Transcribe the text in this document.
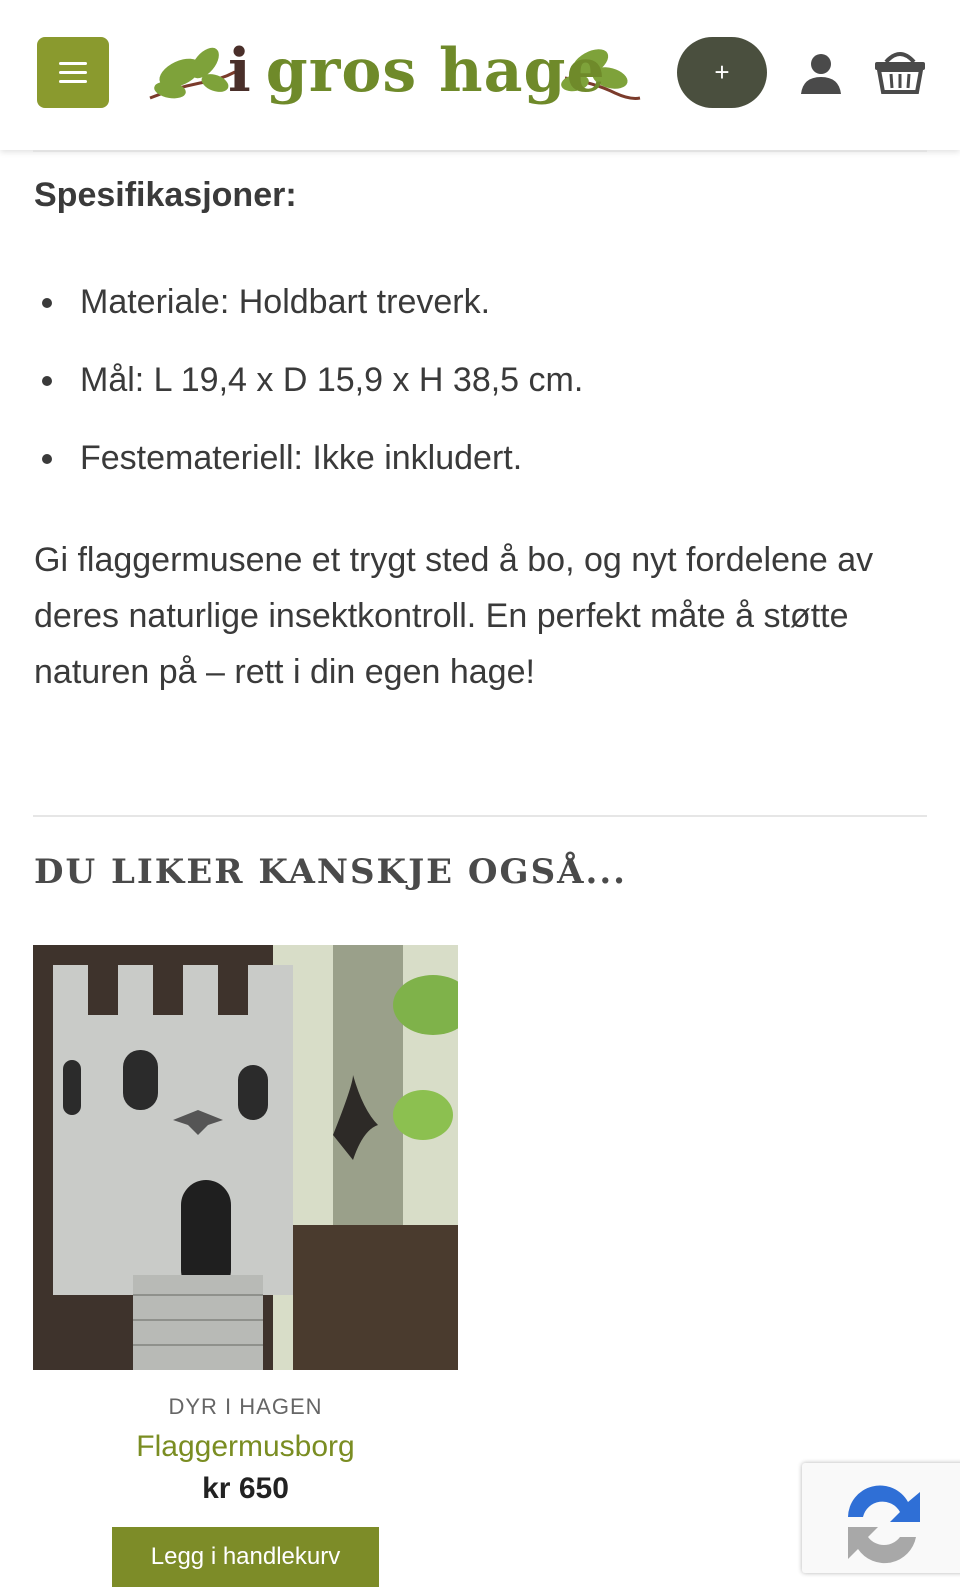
i gros hage	+
Spesifikasjoner:
Materiale: Holdbart treverk.
Mål: L 19,4 x D 15,9 x H 38,5 cm.
Festemateriell: Ikke inkludert.
Gi flaggermusene et trygt sted å bo, og nyt fordelene av deres naturlige insektkontroll. En perfekt måte å støtte naturen på – rett i din egen hage!
DU LIKER KANSKJE OGSÅ...
DYR I HAGEN
Flaggermusborg
kr 650
Legg i handlekurv
